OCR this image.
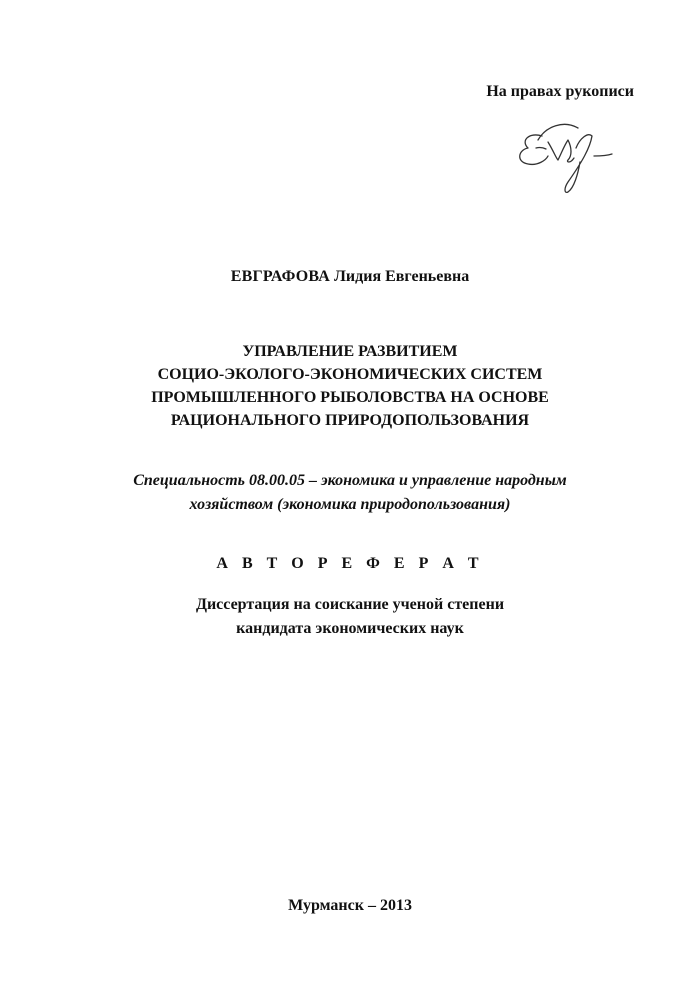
На правах рукописи
ЕВГРАФОВА Лидия Евгеньевна
УПРАВЛЕНИЕ РАЗВИТИЕМ
СОЦИО-ЭКОЛОГО-ЭКОНОМИЧЕСКИХ СИСТЕМ
ПРОМЫШЛЕННОГО РЫБОЛОВСТВА НА ОСНОВЕ
РАЦИОНАЛЬНОГО ПРИРОДОПОЛЬЗОВАНИЯ
Специальность 08.00.05 – экономика и управление народным
хозяйством (экономика природопользования)
А В Т О Р Е Ф Е Р А Т
Диссертация на соискание ученой степени
кандидата экономических наук
Мурманск – 2013
